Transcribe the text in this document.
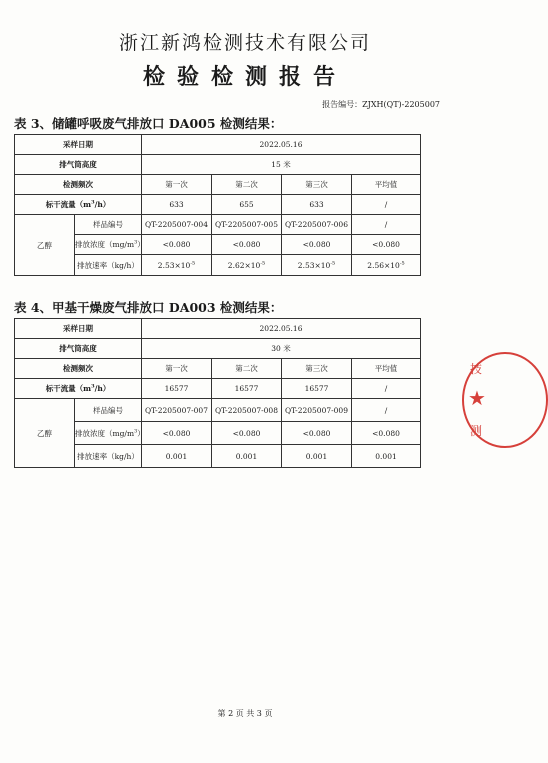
浙江新鸿检测技术有限公司
检验检测报告
报告编号：ZJXH(QT)-2205007
表 3、储罐呼吸废气排放口 DA005 检测结果：
采样日期		2022.05.16			
排气筒高度		15 米			
检测频次		第一次	第二次	第三次	平均值
标干流量$(m^3/h)$		633	655	633	/
乙醇	样品编号	QT-2205007-004	QT-2205007-005	QT-2205007-006	/
	排放浓度$(mg/m^3)$	<0.080	<0.080	<0.080	<0.080
	排放速率（kg/h）	$2.53\times 10^{-5}$	$2.62\times 10^{-5}$	$2.53\times 10^{-5}$	$2.56\times 10^{-5}$
表 4、甲基干燥废气排放口 DA003 检测结果：
采样日期		2022.05.16			
排气筒高度		30 米			
检测频次		第一次	第二次	第三次	平均值
标干流量$(m^3/h)$		16577	16577	16577	/
乙醇	样品编号	QT-2205007-007	QT-2205007-008	QT-2205007-009	/
	排放浓度$(mg/m^3)$	<0.080	<0.080	<0.080	<0.080
	排放速率（kg/h）	0.001	0.001	0.001	0.001
技
★
测
第 2 页 共 3 页
